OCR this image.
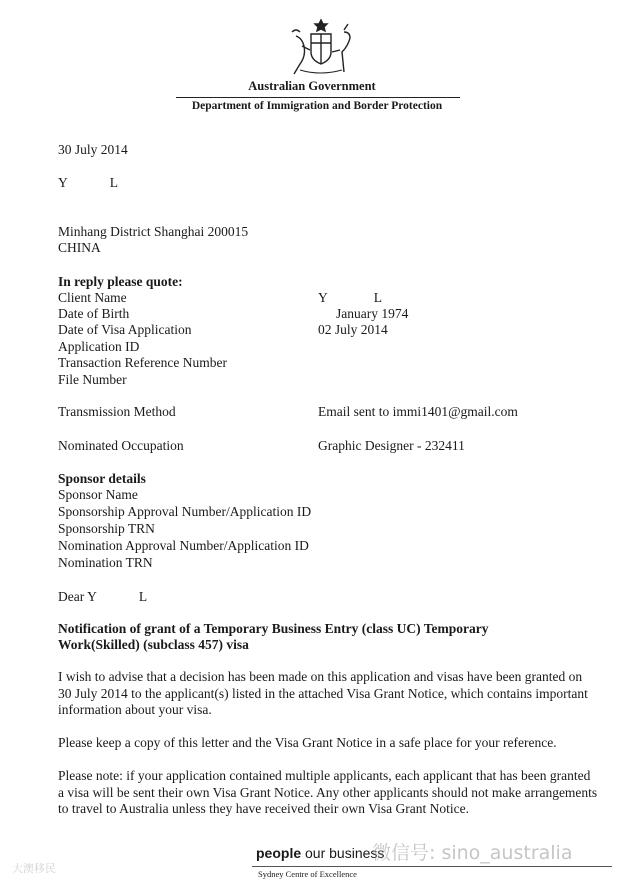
Australian Government
Department of Immigration and Border Protection
30 July 2014
Y	L
Minhang District Shanghai 200015
CHINA
In reply please quote:
Client Name	Y	L
Date of Birth	January 1974
Date of Visa Application	02 July 2014
Application ID
Transaction Reference Number
File Number
Transmission Method	Email sent to immi1401@gmail.com
Nominated Occupation	Graphic Designer - 232411
Sponsor details
Sponsor Name
Sponsorship Approval Number/Application ID
Sponsorship TRN
Nomination Approval Number/Application ID
Nomination TRN
Dear Y	L
Notification of grant of a Temporary Business Entry (class UC) Temporary
Work(Skilled) (subclass 457) visa
I wish to advise that a decision has been made on this application and visas have been granted on 30 July 2014 to the applicant(s) listed in the attached Visa Grant Notice, which contains important information about your visa.
Please keep a copy of this letter and the Visa Grant Notice in a safe place for your reference.
Please note: if your application contained multiple applicants, each applicant that has been granted a visa will be sent their own Visa Grant Notice. Any other applicants should not make arrangements to travel to Australia unless they have received their own Visa Grant Notice.
people our business
Sydney Centre of Excellence
微信号: sino_australia
大澳移民
